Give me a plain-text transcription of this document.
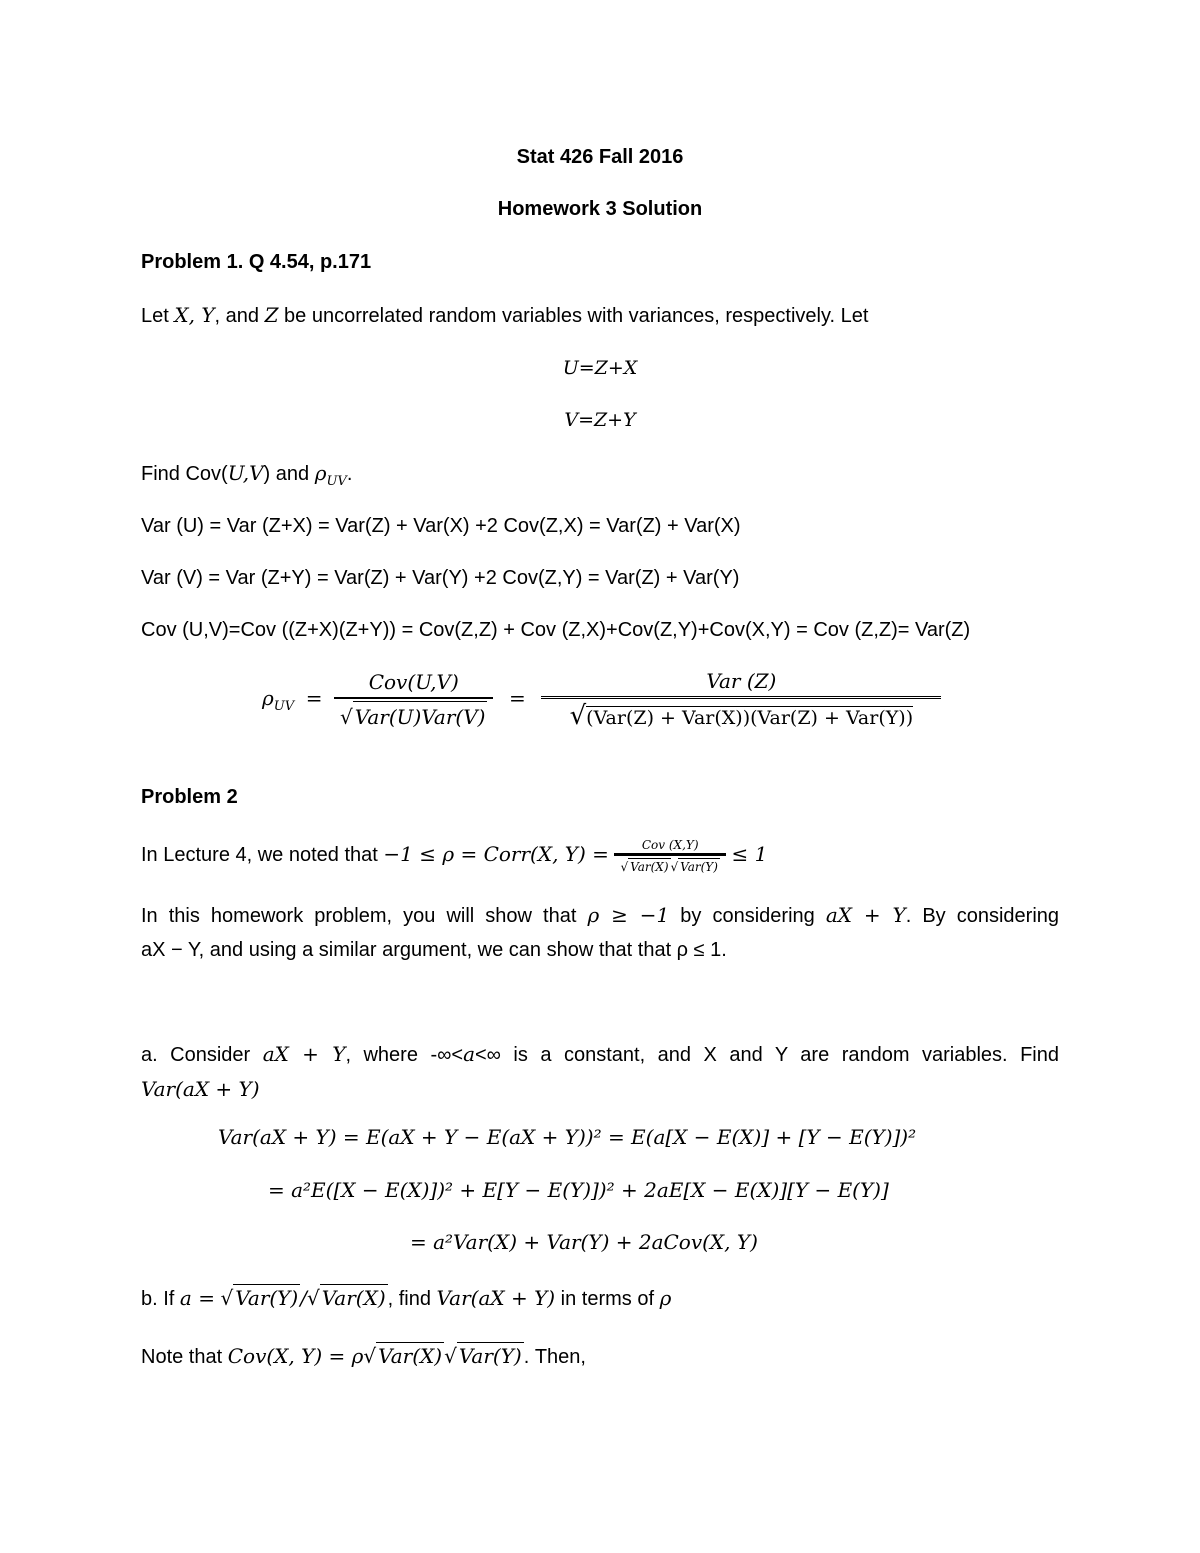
Stat 426 Fall 2016
Homework 3 Solution
Problem 1. Q 4.54, p.171
Let X, Y, and Z be uncorrelated random variables with variances, respectively. Let
U=Z+X
V=Z+Y
Find Cov(U,V) and $\rho_{UV}$.
Var (U) = Var (Z+X) = Var(Z) + Var(X) +2 Cov(Z,X) = Var(Z) + Var(X)
Var (V) = Var (Z+Y) = Var(Z) + Var(Y) +2 Cov(Z,Y) = Var(Z) + Var(Y)
Cov (U,V)=Cov ((Z+X)(Z+Y)) = Cov(Z,Z) + Cov (Z,X)+Cov(Z,Y)+Cov(X,Y) = Cov (Z,Z)= Var(Z)
$\rho_{UV} = \frac{\text{Cov(U,V)}}{\text{√ Var(U)Var(V)}} = \frac{\text{Var (Z)}}{\text{√(Var(Z) + Var(X))(Var(Z) + Var(Y))}}$
Problem 2
In Lecture 4, we noted that −1 ≤ ρ = Corr(X, $Y) = \frac{\text{Cov (X,Y)}}{\text{√ Var(X) √ Var(Y)}} \le 1$
In this homework problem, you will show that ρ ≥ −1 by considering aX + Y. By considering
aX − Y, and using a similar argument, we can show that that ρ ≤ 1.
a. Consider aX + Y, where -∞<a<∞ is a constant, and X and Y are random variables. Find
Var(aX + Y)
Var(aX + Y) = E(aX + Y − E(aX + Y))² = E(a[X − E(X)] + [Y − E(Y)])²
= a²E([X − E(X)])² + E[Y − E(Y)])² + 2aE[X − E(X)][Y − E(Y)]
= a²Var(X) + Var(Y) + 2aCov(X, Y)
b. If a = √ Var(Y) /√ Var(X) , find Var(aX + Y) in terms of ρ
Note that Cov(X, Y) = ρ√ Var(X) √ Var(Y) . Then,
